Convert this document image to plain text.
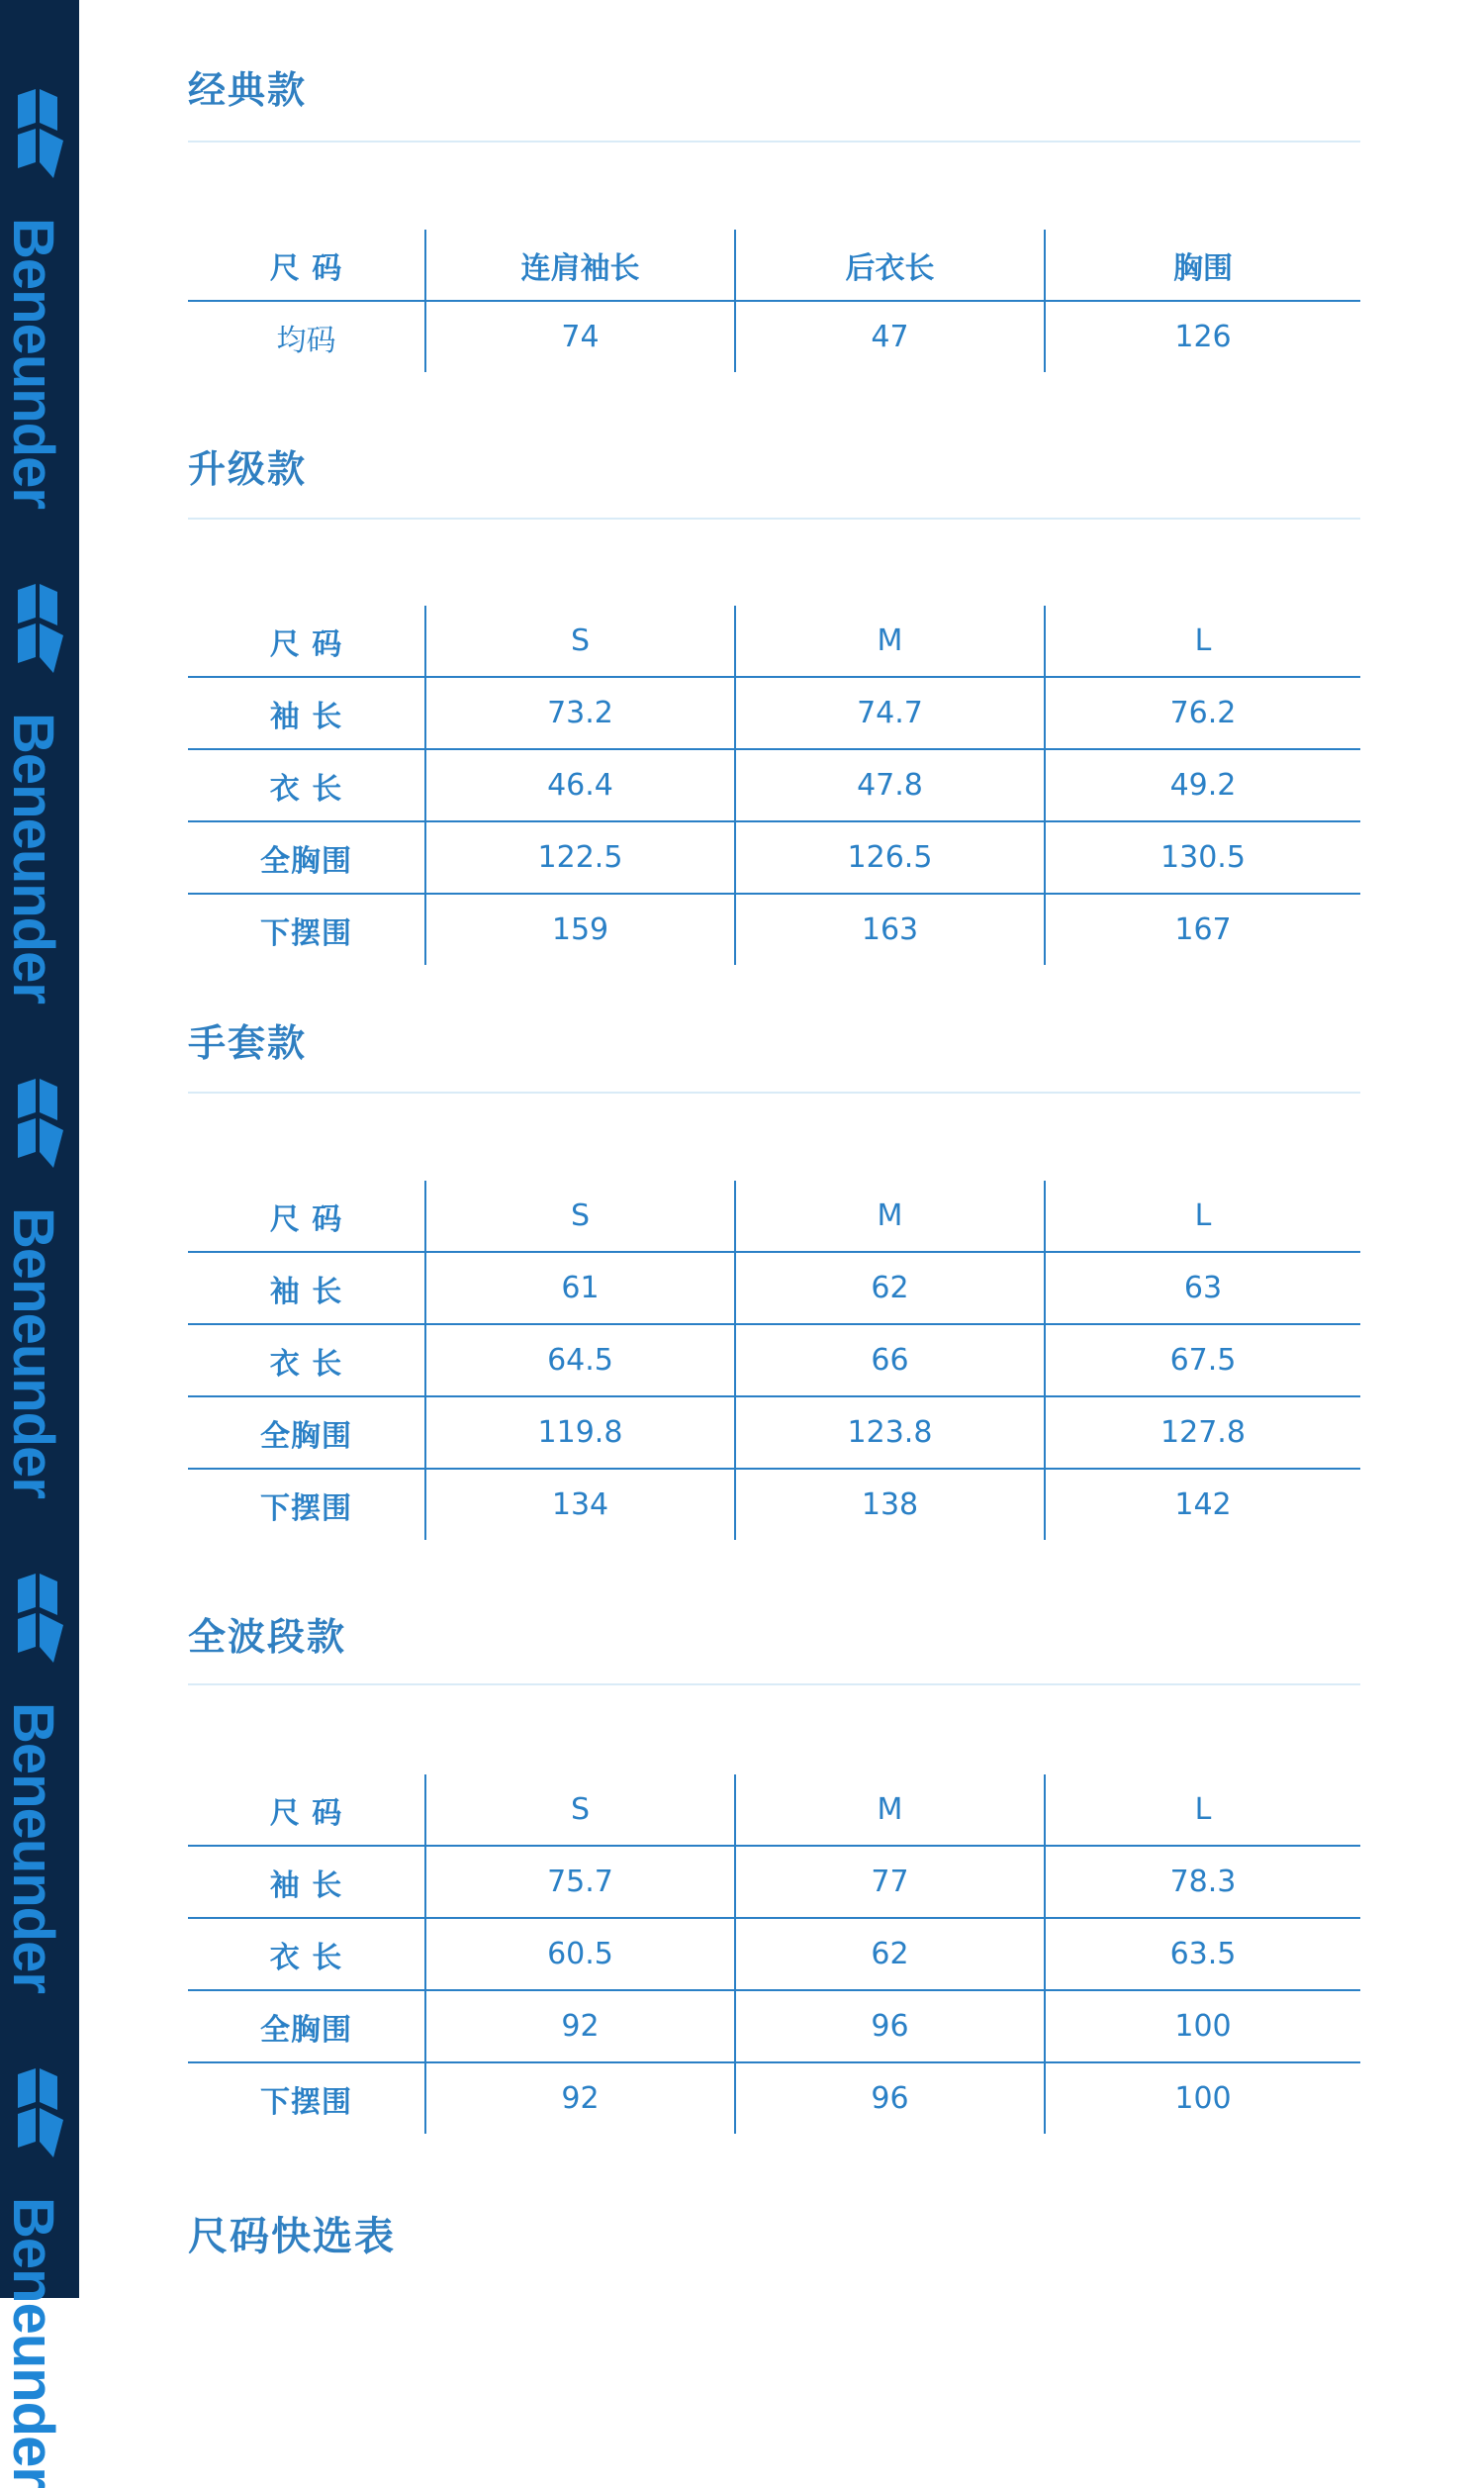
Beneunder
Beneunder
Beneunder
Beneunder
Beneunder
经典款
尺 码	连肩袖长	后衣长	胸围
均码	74	47	126
升级款
尺 码	S	M	L
袖 长	73.2	74.7	76.2
衣 长	46.4	47.8	49.2
全胸围	122.5	126.5	130.5
下摆围	159	163	167
手套款
尺 码	S	M	L
袖 长	61	62	63
衣 长	64.5	66	67.5
全胸围	119.8	123.8	127.8
下摆围	134	138	142
全波段款
尺 码	S	M	L
袖 长	75.7	77	78.3
衣 长	60.5	62	63.5
全胸围	92	96	100
下摆围	92	96	100
尺码快选表
